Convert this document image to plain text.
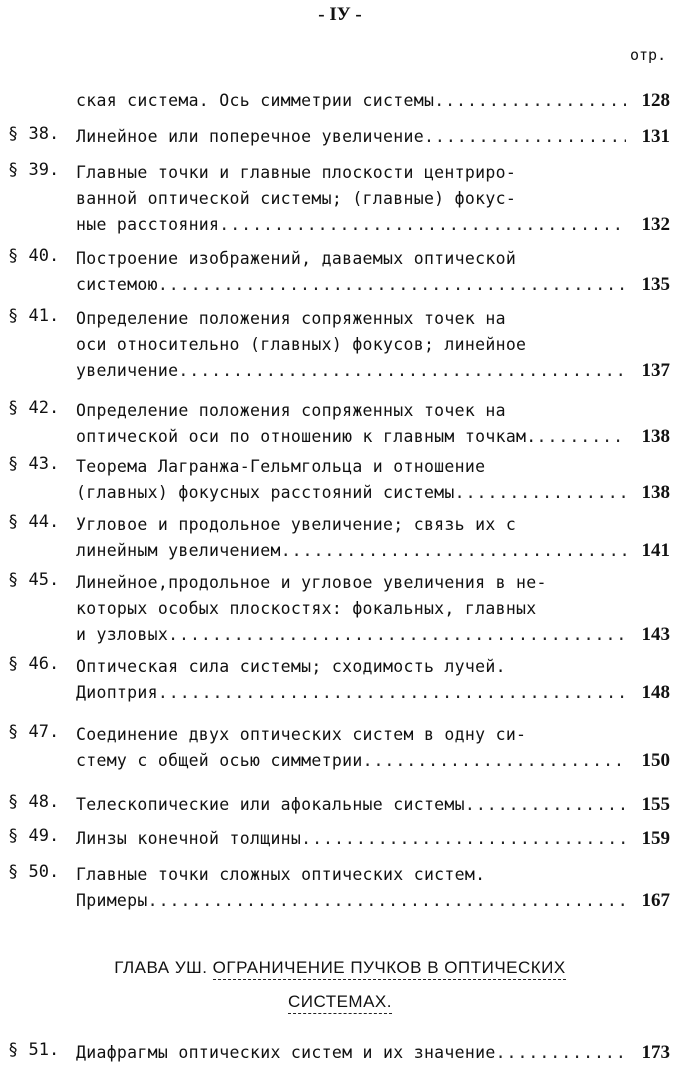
- IУ -
отр.
ская система. Ось симметрии системы .....	128
§ 38. Линейное или поперечное увеличение .....	131
§ 39. Главные точки и главные плоскости центриро-
ванной оптической системы; (главные) фокус-
ные расстояния .....	132
§ 40. Построение изображений, даваемых оптической
системою .....	135
§ 41. Определение положения сопряженных точек на
оси относительно (главных) фокусов; линейное
увеличение .....	137
§ 42. Определение положения сопряженных точек на
оптической оси по отношению к главным точкам. .....	138
§ 43. Теорема Лагранжа-Гельмгольца и отношение
(главных) фокусных расстояний системы .....	138
§ 44. Угловое и продольное увеличение; связь их с
линейным увеличением .....	141
§ 45. Линейное,продольное и угловое увеличения в не-
которых особых плоскостях: фокальных, главных
и узловых .....	143
§ 46. Оптическая сила системы; сходимость лучей.
Диоптрия .....	148
§ 47. Соединение двух оптических систем в одну си-
стему с общей осью симметрии .....	150
§ 48. Телескопические или афокальные системы .....	155
§ 49. Линзы конечной толщины .....	159
§ 50. Главные точки сложных оптических систем.
Примеры .....	167
§ 51. Диафрагмы оптических систем и их значение .....	173
ГЛАВА УШ. ОГРАНИЧЕНИЕ ПУЧКОВ В ОПТИЧЕСКИХ
СИСТЕМАХ.
